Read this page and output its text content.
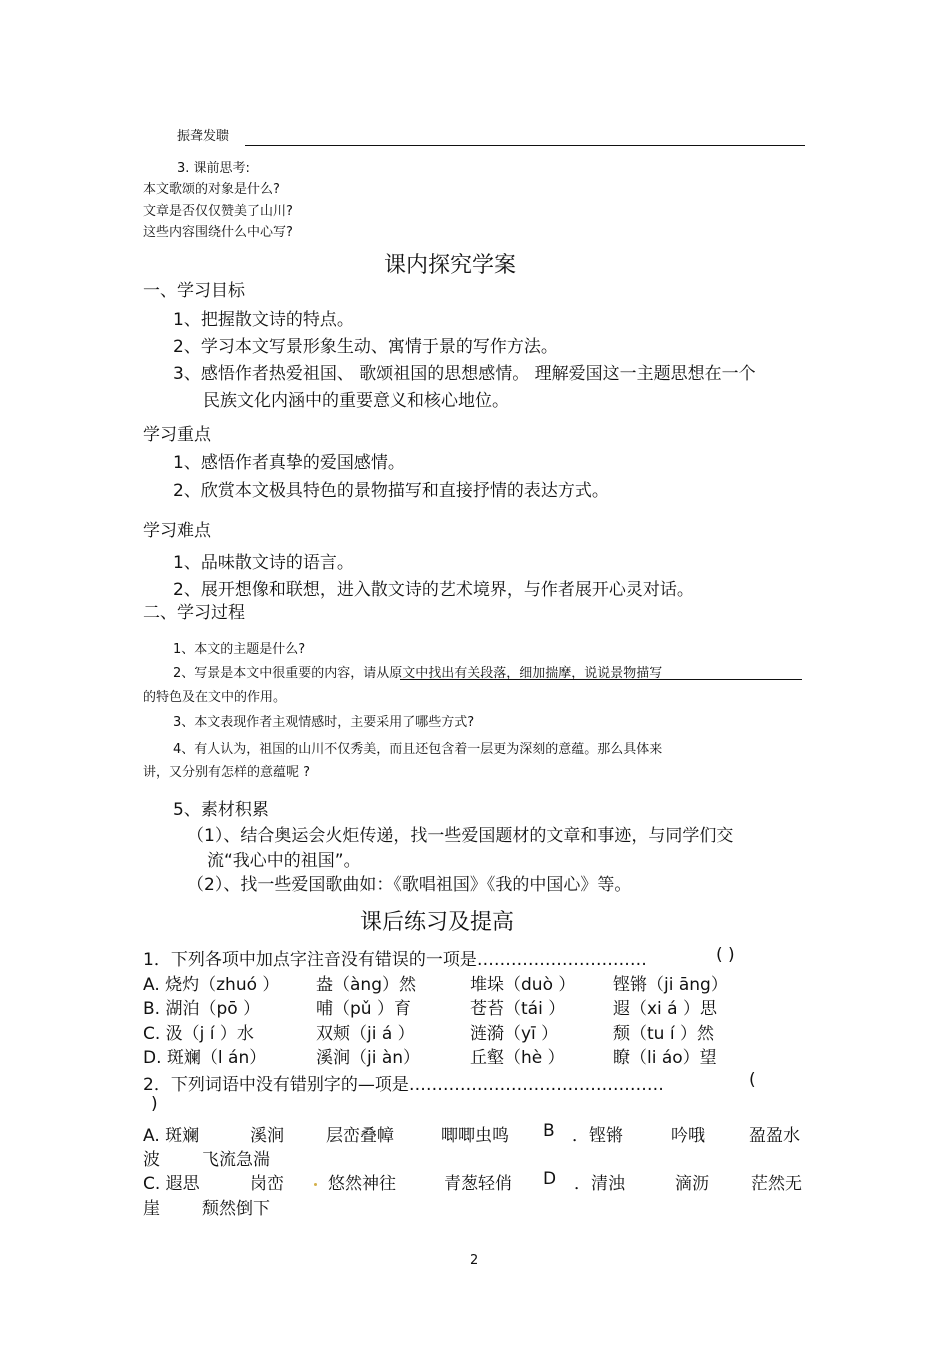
振聋发聩
3. 课前思考:
本文歌颂的对象是什么?
文章是否仅仅赞美了山川?
这些内容围绕什么中心写?
课内探究学案
一、学习目标
1、把握散文诗的特点。
2、学习本文写景形象生动、寓情于景的写作方法。
3、感悟作者热爱祖国、 歌颂祖国的思想感情。 理解爱国这一主题思想在一个
民族文化内涵中的重要意义和核心地位。
学习重点
1、感悟作者真挚的爱国感情。
2、欣赏本文极具特色的景物描写和直接抒情的表达方式。
学习难点
1、品味散文诗的语言。
2、展开想像和联想，进入散文诗的艺术境界，与作者展开心灵对话。
二、学习过程
1、本文的主题是什么?
2、写景是本文中很重要的内容，请从原文中找出有关段落，细加揣摩，说说景物描写
的特色及在文中的作用。
3、本文表现作者主观情感时，主要采用了哪些方式?
4、有人认为，祖国的山川不仅秀美，而且还包含着一层更为深刻的意蕴。那么具体来
讲，又分别有怎样的意蕴呢 ?
5、素材积累
（1）、结合奥运会火炬传递，找一些爱国题材的文章和事迹，与同学们交
流“我心中的祖国”。
（2）、找一些爱国歌曲如：《歌唱祖国》《我的中国心》等。
课后练习及提高
1．下列各项中加点字注音没有错误的一项是…………………………	( )
A. 烧灼（zhuó ） 盎（àng）然	堆垛（duò ） 铿锵（ji āng）
B. 湖泊（pō ）	哺（pǔ ）育	苍苔（tái ）	遐（xi á ）思
C. 汲（j í ）水	双颊（ji á ）	涟漪（yī ）	颓（tu í ）然
D. 斑斓（l án）	溪涧（ji àn）	丘壑（hè ）	瞭（li áo）望
2．下列词语中没有错别字的—项是………………………………………	(
)
A. 斑斓	溪涧 层峦叠幛	唧唧虫鸣 B ．铿锵	吟哦	盈盈水
波 飞流急湍
C. 遐思	岗峦	悠然神往	青葱轻俏 D ．清浊	滴沥 茫然无
崖 颓然倒下
2
